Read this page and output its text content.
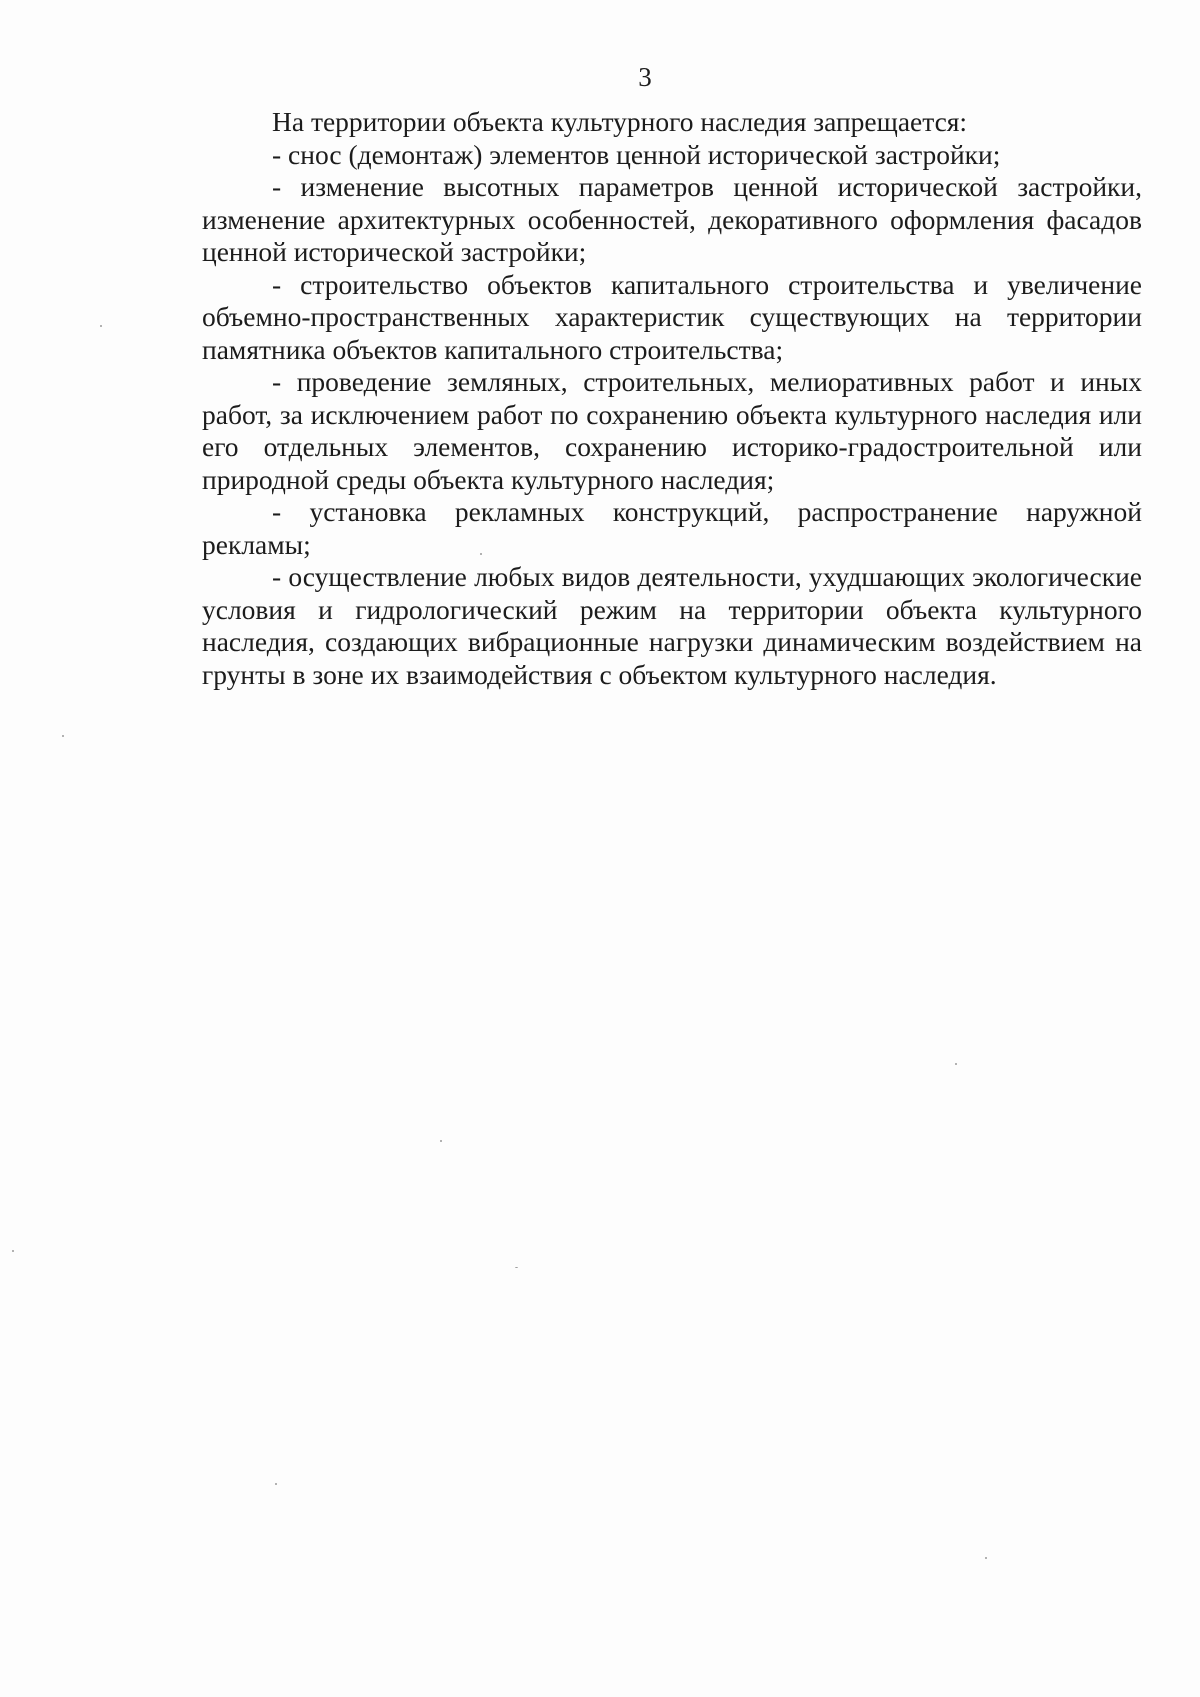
3

На территории объекта культурного наследия запрещается:

- снос (демонтаж) элементов ценной исторической застройки;

- изменение высотных параметров ценной исторической застройки, изменение архитектурных особенностей, декоративного оформления фасадов ценной исторической застройки;

- строительство объектов капитального строительства и увеличение объемно-пространственных характеристик существующих на территории памятника объектов капитального строительства;

- проведение земляных, строительных, мелиоративных работ и иных работ, за исключением работ по сохранению объекта культурного наследия или его отдельных элементов, сохранению историко-градостроительной или природной среды объекта культурного наследия;

- установка рекламных конструкций, распространение наружной рекламы;

- осуществление любых видов деятельности, ухудшающих экологические условия и гидрологический режим на территории объекта культурного наследия, создающих вибрационные нагрузки динамическим воздействием на грунты в зоне их взаимодействия с объектом культурного наследия.
